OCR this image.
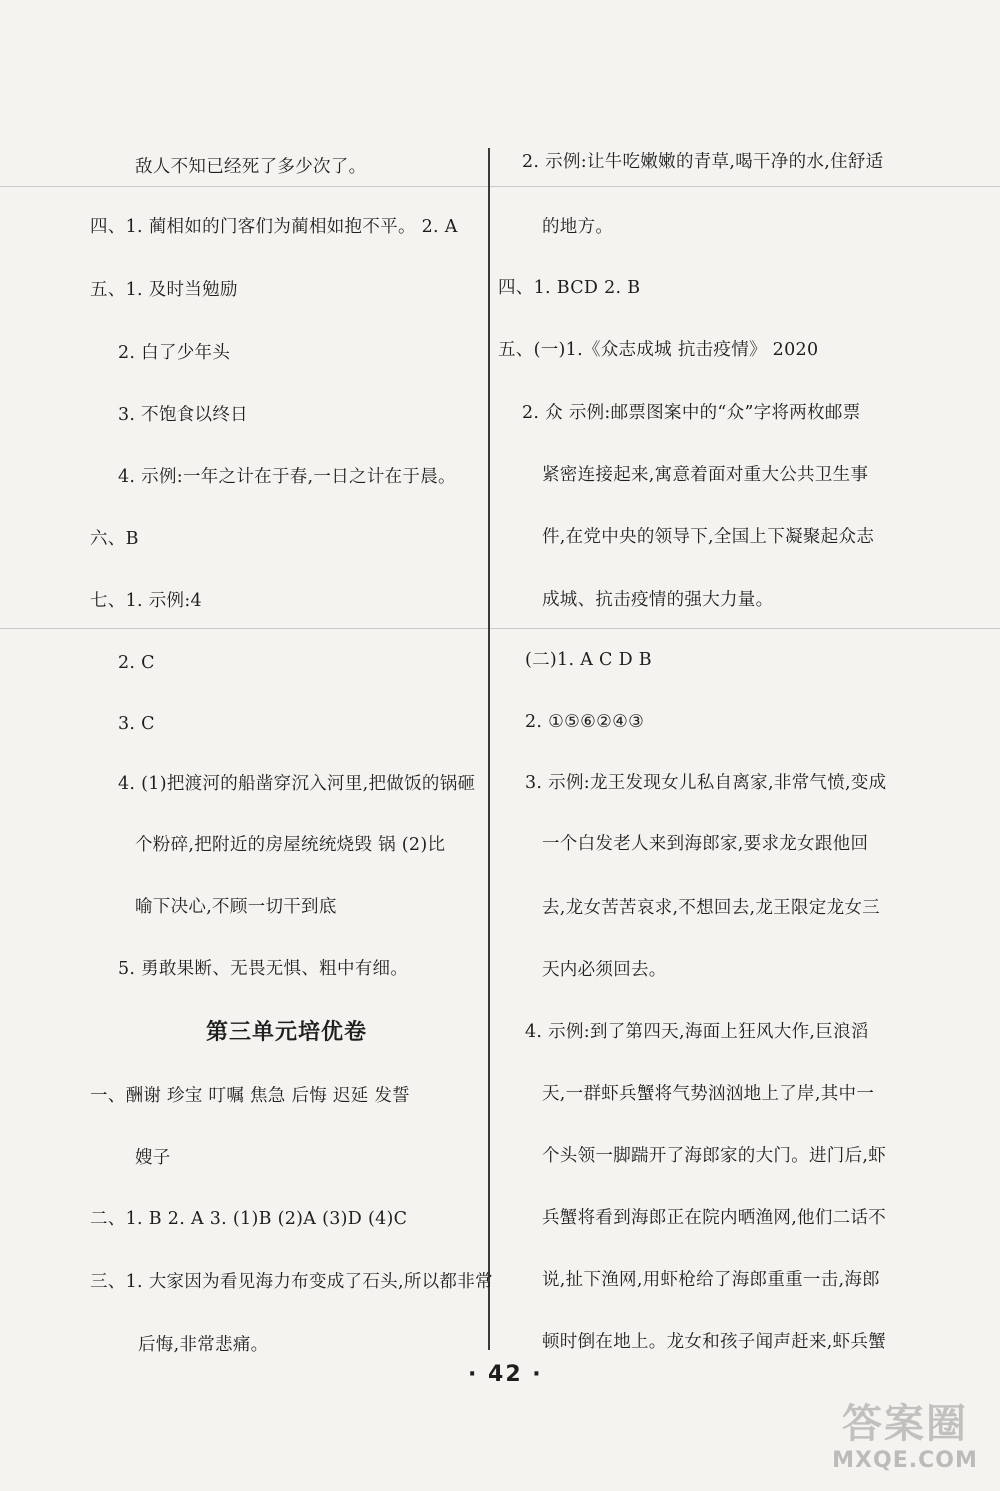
敌人不知已经死了多少次了。
四、1. 蔺相如的门客们为蔺相如抱不平。 2. A
五、1. 及时当勉励
2. 白了少年头
3. 不饱食以终日
4. 示例:一年之计在于春,一日之计在于晨。
六、B
七、1. 示例:4
2. C
3. C
4. (1)把渡河的船凿穿沉入河里,把做饭的锅砸
个粉碎,把附近的房屋统统烧毁 锅 (2)比
喻下决心,不顾一切干到底
5. 勇敢果断、无畏无惧、粗中有细。
第三单元培优卷
一、酬谢 珍宝 叮嘱 焦急 后悔 迟延 发誓
嫂子
二、1. B 2. A 3. (1)B (2)A (3)D (4)C
三、1. 大家因为看见海力布变成了石头,所以都非常
后悔,非常悲痛。
2. 示例:让牛吃嫩嫩的青草,喝干净的水,住舒适
的地方。
四、1. BCD 2. B
五、(一)1.《众志成城 抗击疫情》 2020
2. 众 示例:邮票图案中的“众”字将两枚邮票
紧密连接起来,寓意着面对重大公共卫生事
件,在党中央的领导下,全国上下凝聚起众志
成城、抗击疫情的强大力量。
(二)1. A C D B
2. ①⑤⑥②④③
3. 示例:龙王发现女儿私自离家,非常气愤,变成
一个白发老人来到海郎家,要求龙女跟他回
去,龙女苦苦哀求,不想回去,龙王限定龙女三
天内必须回去。
4. 示例:到了第四天,海面上狂风大作,巨浪滔
天,一群虾兵蟹将气势汹汹地上了岸,其中一
个头领一脚踹开了海郎家的大门。进门后,虾
兵蟹将看到海郎正在院内晒渔网,他们二话不
说,扯下渔网,用虾枪给了海郎重重一击,海郎
顿时倒在地上。龙女和孩子闻声赶来,虾兵蟹
· 42 ·
答案圈
MXQE.COM
